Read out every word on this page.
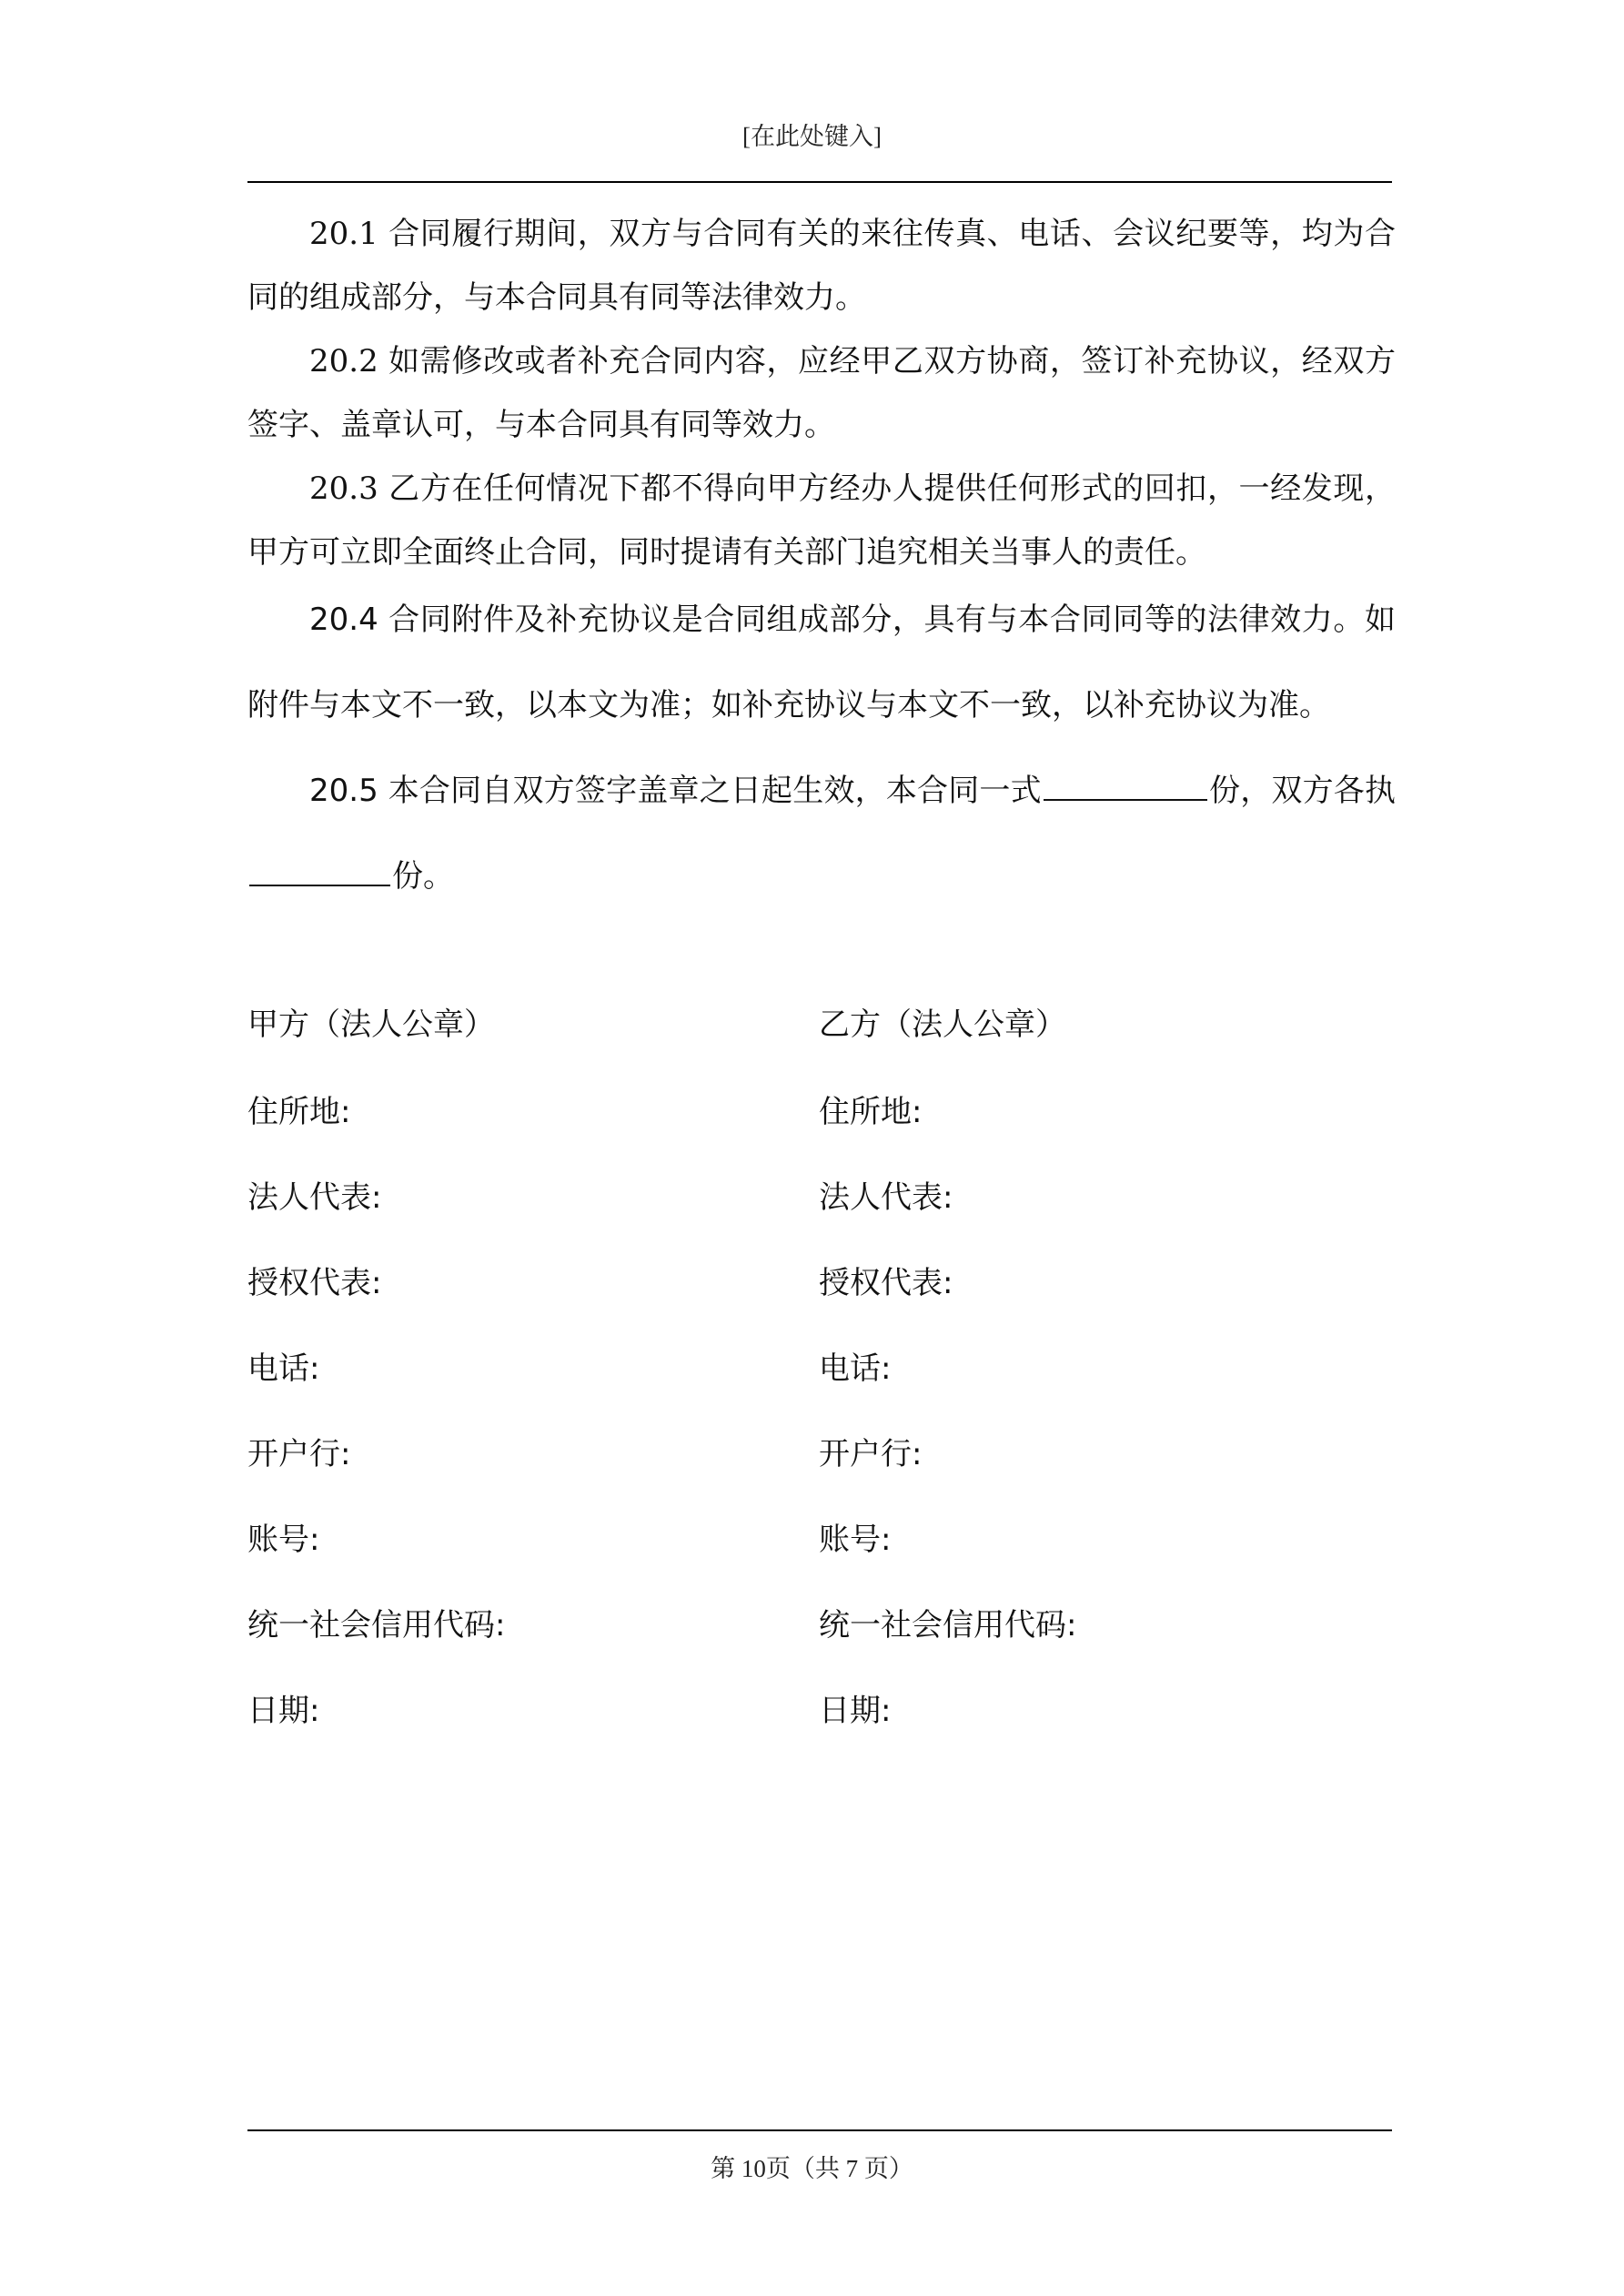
[在此处键入]
20.1 合同履行期间，双方与合同有关的来往传真、电话、会议纪要等，均为合同的组成部分，与本合同具有同等法律效力。
20.2 如需修改或者补充合同内容，应经甲乙双方协商，签订补充协议，经双方签字、盖章认可，与本合同具有同等效力。
20.3 乙方在任何情况下都不得向甲方经办人提供任何形式的回扣，一经发现，甲方可立即全面终止合同，同时提请有关部门追究相关当事人的责任。
20.4 合同附件及补充协议是合同组成部分，具有与本合同同等的法律效力。如附件与本文不一致，以本文为准；如补充协议与本文不一致，以补充协议为准。
20.5 本合同自双方签字盖章之日起生效，本合同一式	份，双方各执份。
甲方（法人公章）
住所地:
法人代表:
授权代表:
电话:
开户行:
账号:
统一社会信用代码:
日期:
乙方（法人公章）
住所地:
法人代表:
授权代表:
电话:
开户行:
账号:
统一社会信用代码:
日期:
第 10页（共 7 页）
